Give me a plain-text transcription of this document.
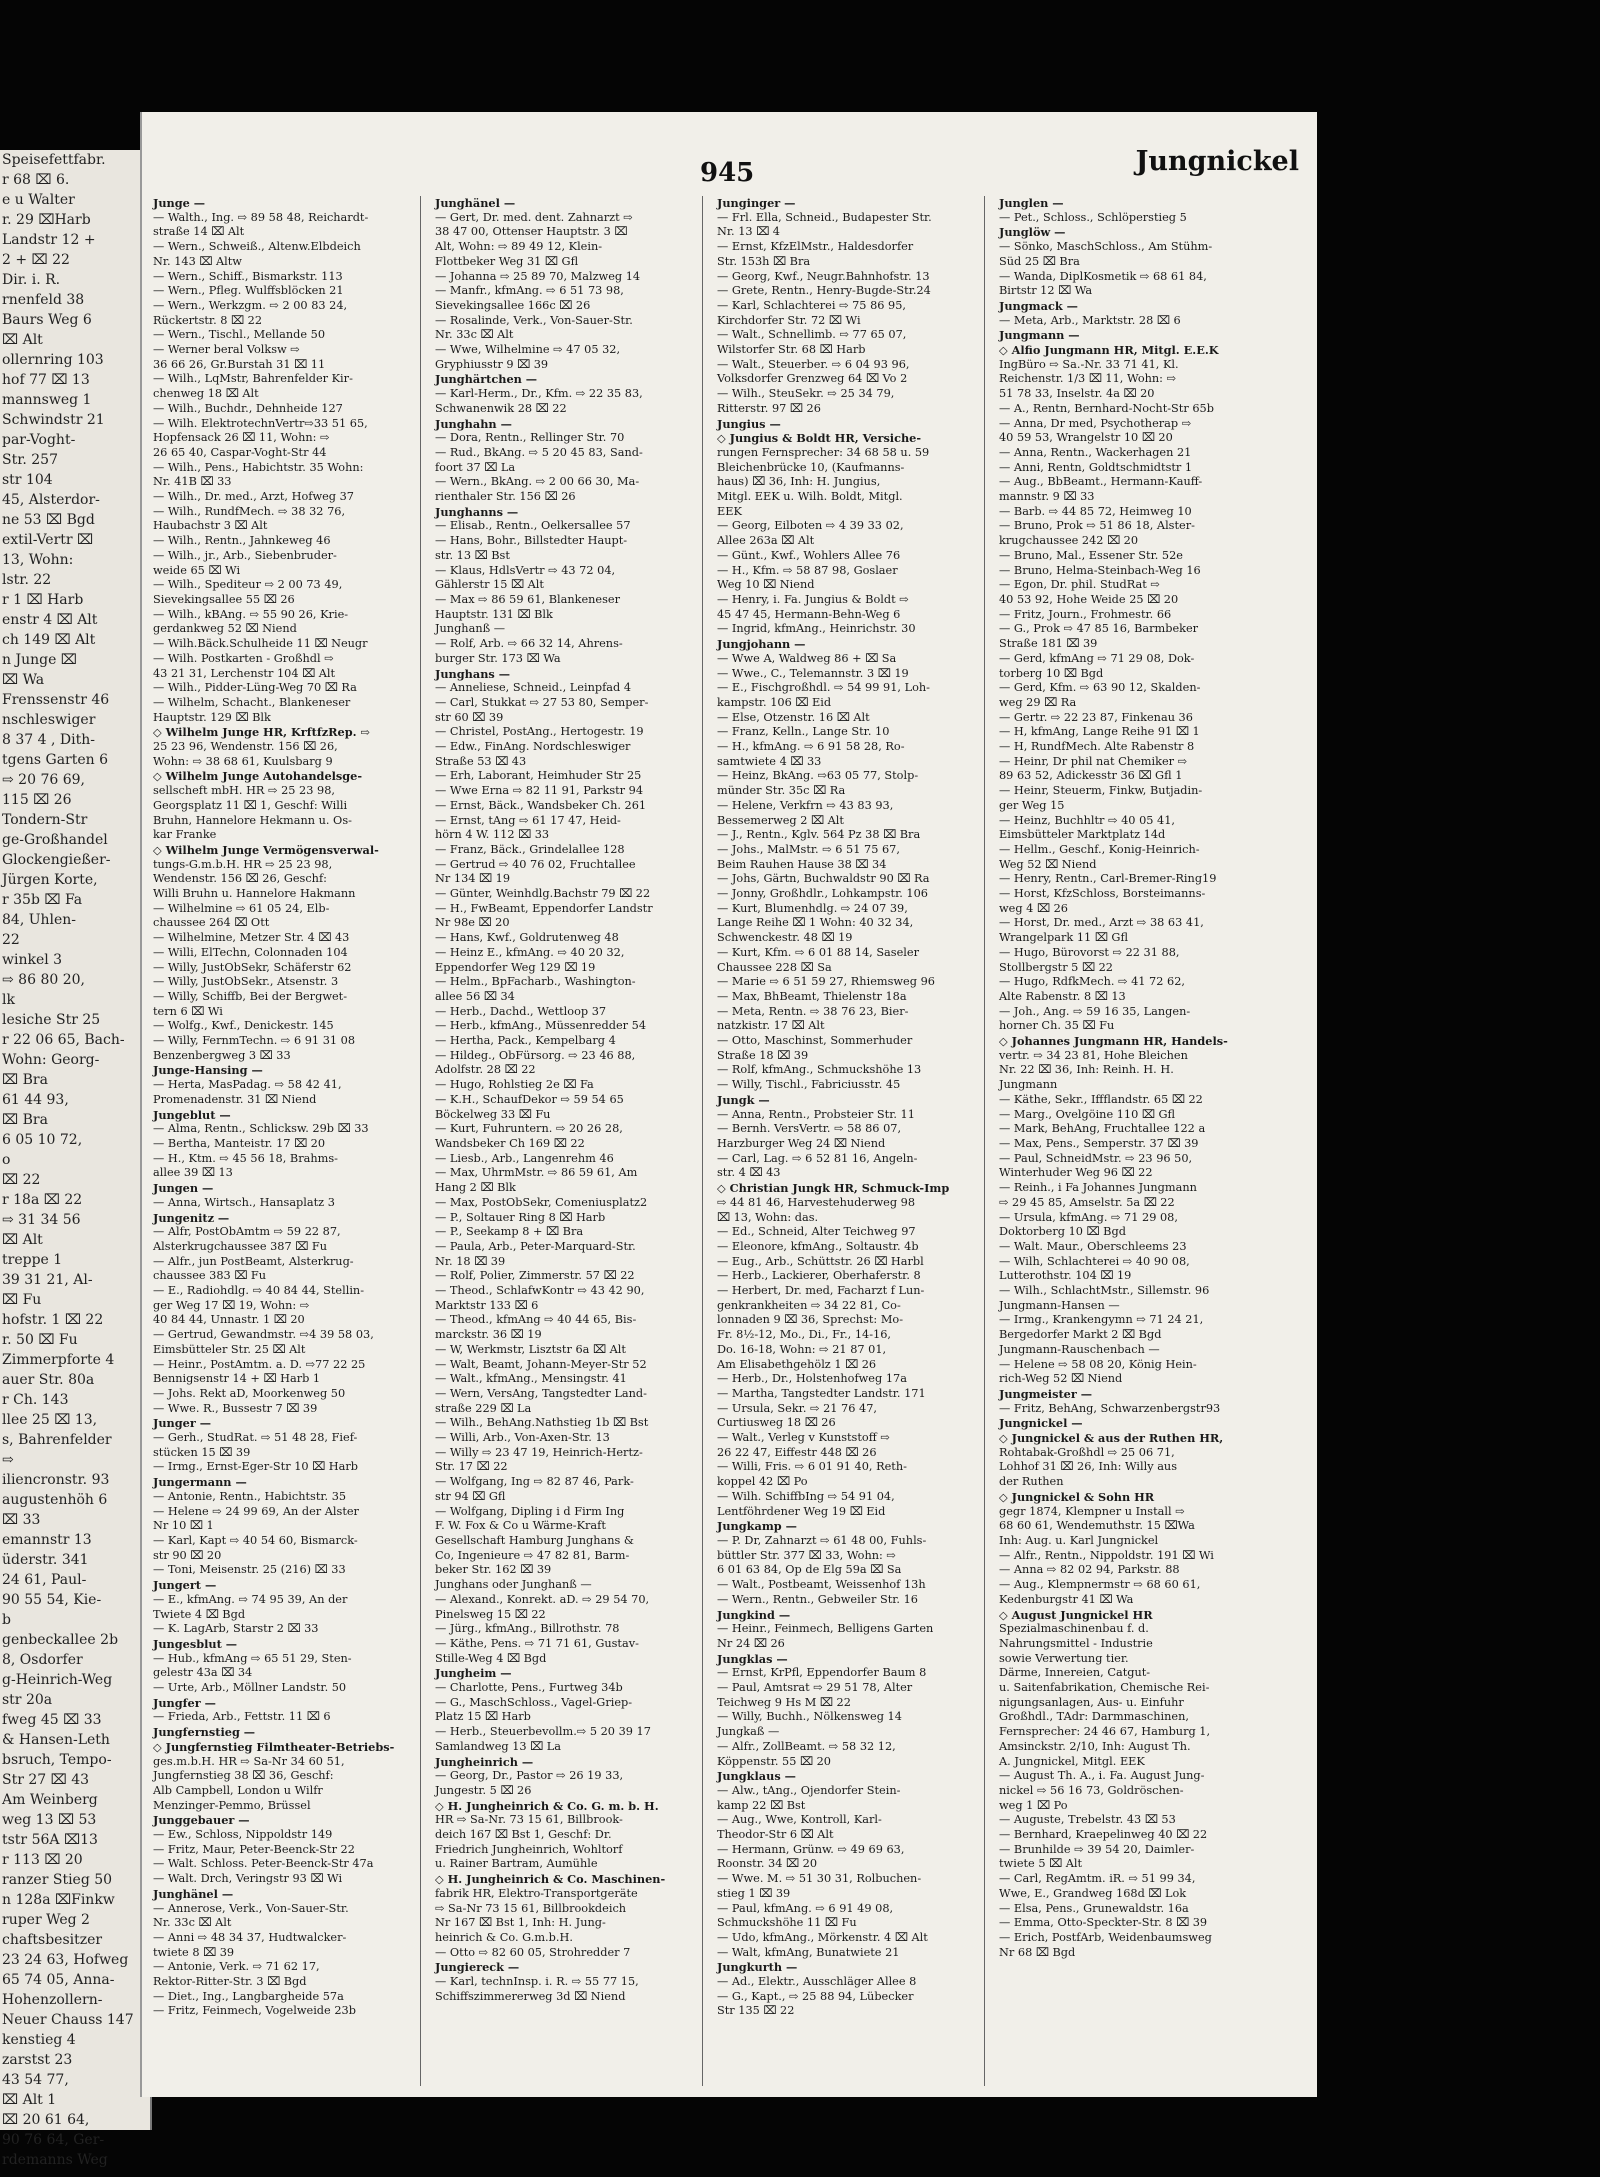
Speisefettfabr.
r 68 ⌧ 6.
e u Walter
r. 29 ⌧Harb
Landstr 12 +
2 + ⌧ 22
Dir. i. R.
rnenfeld 38
Baurs Weg 6
⌧ Alt
ollernring 103
hof 77 ⌧ 13
mannsweg 1
Schwindstr 21
par-Voght-
Str. 257
str 104
45, Alsterdor-
ne 53 ⌧ Bgd
extil-Vertr ⌧
13, Wohn:
lstr. 22
r 1 ⌧ Harb
enstr 4 ⌧ Alt
ch 149 ⌧ Alt
n Junge ⌧
⌧ Wa
Frenssenstr 46
nschleswiger
8 37 4 , Dith-
tgens Garten 6
⇨ 20 76 69,
115 ⌧ 26
Tondern-Str
ge-Großhandel
Glockengießer-
Jürgen Korte,
r 35b ⌧ Fa
84, Uhlen-
22
winkel 3
⇨ 86 80 20,
lk
lesiche Str 25
r 22 06 65, Bach-
Wohn: Georg-
⌧ Bra
61 44 93,
⌧ Bra
6 05 10 72,
o
⌧ 22
r 18a ⌧ 22
⇨ 31 34 56
⌧ Alt
treppe 1
39 31 21, Al-
⌧ Fu
hofstr. 1 ⌧ 22
r. 50 ⌧ Fu
Zimmerpforte 4
auer Str. 80a
r Ch. 143
llee 25 ⌧ 13,
s, Bahrenfelder
⇨
iliencronstr. 93
augustenhöh 6
⌧ 33
emannstr 13
üderstr. 341
24 61, Paul-
90 55 54, Kie-
b
genbeckallee 2b
8, Osdorfer
g-Heinrich-Weg
str 20a
fweg 45 ⌧ 33
& Hansen-Leth
bsruch, Tempo-
Str 27 ⌧ 43
Am Weinberg
weg 13 ⌧ 53
tstr 56A ⌧13
r 113 ⌧ 20
ranzer Stieg 50
n 128a ⌧Finkw
ruper Weg 2
chaftsbesitzer
23 24 63, Hofweg
65 74 05, Anna-
Hohenzollern-
Neuer Chauss 147
kenstieg 4
zarstst 23
43 54 77,
⌧ Alt 1
⌧ 20 61 64,
90 76 64, Ger-
rdemanns Weg
945	Jungnickel
Junge —
— Walth., Ing. ⇨ 89 58 48, Reichardt-
straße 14 ⌧ Alt
— Wern., Schweiß., Altenw.Elbdeich
Nr. 143 ⌧ Altw
— Wern., Schiff., Bismarkstr. 113
— Wern., Pfleg. Wulffsblöcken 21
— Wern., Werkzgm. ⇨ 2 00 83 24,
Rückertstr. 8 ⌧ 22
— Wern., Tischl., Mellande 50
— Werner beral Volksw ⇨
36 66 26, Gr.Burstah 31 ⌧ 11
— Wilh., LqMstr, Bahrenfelder Kir-
chenweg 18 ⌧ Alt
— Wilh., Buchdr., Dehnheide 127
— Wilh. ElektrotechnVertr⇨33 51 65,
Hopfensack 26 ⌧ 11, Wohn: ⇨
26 65 40, Caspar-Voght-Str 44
— Wilh., Pens., Habichtstr. 35 Wohn:
Nr. 41B ⌧ 33
— Wilh., Dr. med., Arzt, Hofweg 37
— Wilh., RundfMech. ⇨ 38 32 76,
Haubachstr 3 ⌧ Alt
— Wilh., Rentn., Jahnkeweg 46
— Wilh., jr., Arb., Siebenbruder-
weide 65 ⌧ Wi
— Wilh., Spediteur ⇨ 2 00 73 49,
Sievekingsallee 55 ⌧ 26
— Wilh., kBAng. ⇨ 55 90 26, Krie-
gerdankweg 52 ⌧ Niend
— Wilh.Bäck.Schulheide 11 ⌧ Neugr
— Wilh. Postkarten - Großhdl ⇨
43 21 31, Lerchenstr 104 ⌧ Alt
— Wilh., Pidder-Lüng-Weg 70 ⌧ Ra
— Wilhelm, Schacht., Blankeneser
Hauptstr. 129 ⌧ Blk
◇ Wilhelm Junge HR, KrftfzRep. ⇨
25 23 96, Wendenstr. 156 ⌧ 26,
Wohn: ⇨ 38 68 61, Kuulsbarg 9
◇ Wilhelm Junge Autohandelsge-
sellscheft mbH. HR ⇨ 25 23 98,
Georgsplatz 11 ⌧ 1, Geschf: Willi
Bruhn, Hannelore Hekmann u. Os-
kar Franke
◇ Wilhelm Junge Vermögensverwal-
tungs-G.m.b.H. HR ⇨ 25 23 98,
Wendenstr. 156 ⌧ 26, Geschf:
Willi Bruhn u. Hannelore Hakmann
— Wilhelmine ⇨ 61 05 24, Elb-
chaussee 264 ⌧ Ott
— Wilhelmine, Metzer Str. 4 ⌧ 43
— Willi, ElTechn, Colonnaden 104
— Willy, JustObSekr, Schäferstr 62
— Willy, JustObSekr., Atsenstr. 3
— Willy, Schiffb, Bei der Bergwet-
tern 6 ⌧ Wi
— Wolfg., Kwf., Denickestr. 145
— Willy, FernmTechn. ⇨ 6 91 31 08
Benzenbergweg 3 ⌧ 33
Junge-Hansing —
— Herta, MasPadag. ⇨ 58 42 41,
Promenadenstr. 31 ⌧ Niend
Jungeblut —
— Alma, Rentn., Schlicksw. 29b ⌧ 33
— Bertha, Manteistr. 17 ⌧ 20
— H., Ktm. ⇨ 45 56 18, Brahms-
allee 39 ⌧ 13
Jungen —
— Anna, Wirtsch., Hansaplatz 3
Jungenitz —
— Alfr, PostObAmtm ⇨ 59 22 87,
Alsterkrugchaussee 387 ⌧ Fu
— Alfr., jun PostBeamt, Alsterkrug-
chaussee 383 ⌧ Fu
— E., Radiohdlg. ⇨ 40 84 44, Stellin-
ger Weg 17 ⌧ 19, Wohn: ⇨
40 84 44, Unnastr. 1 ⌧ 20
— Gertrud, Gewandmstr. ⇨4 39 58 03,
Eimsbütteler Str. 25 ⌧ Alt
— Heinr., PostAmtm. a. D. ⇨77 22 25
Bennigsenstr 14 + ⌧ Harb 1
— Johs. Rekt aD, Moorkenweg 50
— Wwe. R., Bussestr 7 ⌧ 39
Junger —
— Gerh., StudRat. ⇨ 51 48 28, Fief-
stücken 15 ⌧ 39
— Irmg., Ernst-Eger-Str 10 ⌧ Harb
Jungermann —
— Antonie, Rentn., Habichtstr. 35
— Helene ⇨ 24 99 69, An der Alster
Nr 10 ⌧ 1
— Karl, Kapt ⇨ 40 54 60, Bismarck-
str 90 ⌧ 20
— Toni, Meisenstr. 25 (216) ⌧ 33
Jungert —
— E., kfmAng. ⇨ 74 95 39, An der
Twiete 4 ⌧ Bgd
— K. LagArb, Starstr 2 ⌧ 33
Jungesblut —
— Hub., kfmAng ⇨ 65 51 29, Sten-
gelestr 43a ⌧ 34
— Urte, Arb., Möllner Landstr. 50
Jungfer —
— Frieda, Arb., Fettstr. 11 ⌧ 6
Jungfernstieg —
◇ Jungfernstieg Filmtheater-Betriebs-
ges.m.b.H. HR ⇨ Sa-Nr 34 60 51,
Jungfernstieg 38 ⌧ 36, Geschf:
Alb Campbell, London u Wilfr
Menzinger-Pemmo, Brüssel
Junggebauer —
— Ew., Schloss, Nippoldstr 149
— Fritz, Maur, Peter-Beenck-Str 22
— Walt. Schloss. Peter-Beenck-Str 47a
— Walt. Drch, Veringstr 93 ⌧ Wi
Junghänel —
— Annerose, Verk., Von-Sauer-Str.
Nr. 33c ⌧ Alt
— Anni ⇨ 48 34 37, Hudtwalcker-
twiete 8 ⌧ 39
— Antonie, Verk. ⇨ 71 62 17,
Rektor-Ritter-Str. 3 ⌧ Bgd
— Diet., Ing., Langbargheide 57a
— Fritz, Feinmech, Vogelweide 23b
Junghänel —
— Gert, Dr. med. dent. Zahnarzt ⇨
38 47 00, Ottenser Hauptstr. 3 ⌧
Alt, Wohn: ⇨ 89 49 12, Klein-
Flottbeker Weg 31 ⌧ Gfl
— Johanna ⇨ 25 89 70, Malzweg 14
— Manfr., kfmAng. ⇨ 6 51 73 98,
Sievekingsallee 166c ⌧ 26
— Rosalinde, Verk., Von-Sauer-Str.
Nr. 33c ⌧ Alt
— Wwe, Wilhelmine ⇨ 47 05 32,
Gryphiusstr 9 ⌧ 39
Junghärtchen —
— Karl-Herm., Dr., Kfm. ⇨ 22 35 83,
Schwanenwik 28 ⌧ 22
Junghahn —
— Dora, Rentn., Rellinger Str. 70
— Rud., BkAng. ⇨ 5 20 45 83, Sand-
foort 37 ⌧ La
— Wern., BkAng. ⇨ 2 00 66 30, Ma-
rienthaler Str. 156 ⌧ 26
Junghanns —
— Elisab., Rentn., Oelkersallee 57
— Hans, Bohr., Billstedter Haupt-
str. 13 ⌧ Bst
— Klaus, HdlsVertr ⇨ 43 72 04,
Gählerstr 15 ⌧ Alt
— Max ⇨ 86 59 61, Blankeneser
Hauptstr. 131 ⌧ Blk
Junghanß —
— Rolf, Arb. ⇨ 66 32 14, Ahrens-
burger Str. 173 ⌧ Wa
Junghans —
— Anneliese, Schneid., Leinpfad 4
— Carl, Stukkat ⇨ 27 53 80, Semper-
str 60 ⌧ 39
— Christel, PostAng., Hertogestr. 19
— Edw., FinAng. Nordschleswiger
Straße 53 ⌧ 43
— Erh, Laborant, Heimhuder Str 25
— Wwe Erna ⇨ 82 11 91, Parkstr 94
— Ernst, Bäck., Wandsbeker Ch. 261
— Ernst, tAng ⇨ 61 17 47, Heid-
hörn 4 W. 112 ⌧ 33
— Franz, Bäck., Grindelallee 128
— Gertrud ⇨ 40 76 02, Fruchtallee
Nr 134 ⌧ 19
— Günter, Weinhdlg.Bachstr 79 ⌧ 22
— H., FwBeamt, Eppendorfer Landstr
Nr 98e ⌧ 20
— Hans, Kwf., Goldrutenweg 48
— Heinz E., kfmAng. ⇨ 40 20 32,
Eppendorfer Weg 129 ⌧ 19
— Helm., BpFacharb., Washington-
allee 56 ⌧ 34
— Herb., Dachd., Wettloop 37
— Herb., kfmAng., Müssenredder 54
— Hertha, Pack., Kempelbarg 4
— Hildeg., ObFürsorg. ⇨ 23 46 88,
Adolfstr. 28 ⌧ 22
— Hugo, Rohlstieg 2e ⌧ Fa
— K.H., SchaufDekor ⇨ 59 54 65
Böckelweg 33 ⌧ Fu
— Kurt, Fuhruntern. ⇨ 20 26 28,
Wandsbeker Ch 169 ⌧ 22
— Liesb., Arb., Langenrehm 46
— Max, UhrmMstr. ⇨ 86 59 61, Am
Hang 2 ⌧ Blk
— Max, PostObSekr, Comeniusplatz2
— P., Soltauer Ring 8 ⌧ Harb
— P., Seekamp 8 + ⌧ Bra
— Paula, Arb., Peter-Marquard-Str.
Nr. 18 ⌧ 39
— Rolf, Polier, Zimmerstr. 57 ⌧ 22
— Theod., SchlafwKontr ⇨ 43 42 90,
Marktstr 133 ⌧ 6
— Theod., kfmAng ⇨ 40 44 65, Bis-
marckstr. 36 ⌧ 19
— W, Werkmstr, Lisztstr 6a ⌧ Alt
— Walt, Beamt, Johann-Meyer-Str 52
— Walt., kfmAng., Mensingstr. 41
— Wern, VersAng, Tangstedter Land-
straße 229 ⌧ La
— Wilh., BehAng.Nathstieg 1b ⌧ Bst
— Willi, Arb., Von-Axen-Str. 13
— Willy ⇨ 23 47 19, Heinrich-Hertz-
Str. 17 ⌧ 22
— Wolfgang, Ing ⇨ 82 87 46, Park-
str 94 ⌧ Gfl
— Wolfgang, Dipling i d Firm Ing
F. W. Fox & Co u Wärme-Kraft
Gesellschaft Hamburg Junghans &
Co, Ingenieure ⇨ 47 82 81, Barm-
beker Str. 162 ⌧ 39
Junghans oder Junghanß —
— Alexand., Konrekt. aD. ⇨ 29 54 70,
Pinelsweg 15 ⌧ 22
— Jürg., kfmAng., Billrothstr. 78
— Käthe, Pens. ⇨ 71 71 61, Gustav-
Stille-Weg 4 ⌧ Bgd
Jungheim —
— Charlotte, Pens., Furtweg 34b
— G., MaschSchloss., Vagel-Griep-
Platz 15 ⌧ Harb
— Herb., Steuerbevollm.⇨ 5 20 39 17
Samlandweg 13 ⌧ La
Jungheinrich —
— Georg, Dr., Pastor ⇨ 26 19 33,
Jungestr. 5 ⌧ 26
◇ H. Jungheinrich & Co. G. m. b. H.
HR ⇨ Sa-Nr. 73 15 61, Billbrook-
deich 167 ⌧ Bst 1, Geschf: Dr.
Friedrich Jungheinrich, Wohltorf
u. Rainer Bartram, Aumühle
◇ H. Jungheinrich & Co. Maschinen-
fabrik HR, Elektro-Transportgeräte
⇨ Sa-Nr 73 15 61, Billbrookdeich
Nr 167 ⌧ Bst 1, Inh: H. Jung-
heinrich & Co. G.m.b.H.
— Otto ⇨ 82 60 05, Strohredder 7
Jungiereck —
— Karl, technInsp. i. R. ⇨ 55 77 15,
Schiffszimmererweg 3d ⌧ Niend
Junginger —
— Frl. Ella, Schneid., Budapester Str.
Nr. 13 ⌧ 4
— Ernst, KfzElMstr., Haldesdorfer
Str. 153h ⌧ Bra
— Georg, Kwf., Neugr.Bahnhofstr. 13
— Grete, Rentn., Henry-Bugde-Str.24
— Karl, Schlachterei ⇨ 75 86 95,
Kirchdorfer Str. 72 ⌧ Wi
— Walt., Schnellimb. ⇨ 77 65 07,
Wilstorfer Str. 68 ⌧ Harb
— Walt., Steuerber. ⇨ 6 04 93 96,
Volksdorfer Grenzweg 64 ⌧ Vo 2
— Wilh., SteuSekr. ⇨ 25 34 79,
Ritterstr. 97 ⌧ 26
Jungius —
◇ Jungius & Boldt HR, Versiche-
rungen Fernsprecher: 34 68 58 u. 59
Bleichenbrücke 10, (Kaufmanns-
haus) ⌧ 36, Inh: H. Jungius,
Mitgl. EEK u. Wilh. Boldt, Mitgl.
EEK
— Georg, Eilboten ⇨ 4 39 33 02,
Allee 263a ⌧ Alt
— Günt., Kwf., Wohlers Allee 76
— H., Kfm. ⇨ 58 87 98, Goslaer
Weg 10 ⌧ Niend
— Henry, i. Fa. Jungius & Boldt ⇨
45 47 45, Hermann-Behn-Weg 6
— Ingrid, kfmAng., Heinrichstr. 30
Jungjohann —
— Wwe A, Waldweg 86 + ⌧ Sa
— Wwe., C., Telemannstr. 3 ⌧ 19
— E., Fischgroßhdl. ⇨ 54 99 91, Loh-
kampstr. 106 ⌧ Eid
— Else, Otzenstr. 16 ⌧ Alt
— Franz, Kelln., Lange Str. 10
— H., kfmAng. ⇨ 6 91 58 28, Ro-
samtwiete 4 ⌧ 33
— Heinz, BkAng. ⇨63 05 77, Stolp-
münder Str. 35c ⌧ Ra
— Helene, Verkfrn ⇨ 43 83 93,
Bessemerweg 2 ⌧ Alt
— J., Rentn., Kglv. 564 Pz 38 ⌧ Bra
— Johs., MalMstr. ⇨ 6 51 75 67,
Beim Rauhen Hause 38 ⌧ 34
— Johs, Gärtn, Buchwaldstr 90 ⌧ Ra
— Jonny, Großhdlr., Lohkampstr. 106
— Kurt, Blumenhdlg. ⇨ 24 07 39,
Lange Reihe ⌧ 1 Wohn: 40 32 34,
Schwenckestr. 48 ⌧ 19
— Kurt, Kfm. ⇨ 6 01 88 14, Saseler
Chaussee 228 ⌧ Sa
— Marie ⇨ 6 51 59 27, Rhiemsweg 96
— Max, BhBeamt, Thielenstr 18a
— Meta, Rentn. ⇨ 38 76 23, Bier-
natzkistr. 17 ⌧ Alt
— Otto, Maschinst, Sommerhuder
Straße 18 ⌧ 39
— Rolf, kfmAng., Schmuckshöhe 13
— Willy, Tischl., Fabriciusstr. 45
Jungk —
— Anna, Rentn., Probsteier Str. 11
— Bernh. VersVertr. ⇨ 58 86 07,
Harzburger Weg 24 ⌧ Niend
— Carl, Lag. ⇨ 6 52 81 16, Angeln-
str. 4 ⌧ 43
◇ Christian Jungk HR, Schmuck-Imp
⇨ 44 81 46, Harvestehuderweg 98
⌧ 13, Wohn: das.
— Ed., Schneid, Alter Teichweg 97
— Eleonore, kfmAng., Soltaustr. 4b
— Eug., Arb., Schüttstr. 26 ⌧ Harbl
— Herb., Lackierer, Oberhaferstr. 8
— Herbert, Dr. med, Facharzt f Lun-
genkrankheiten ⇨ 34 22 81, Co-
lonnaden 9 ⌧ 36, Sprechst: Mo-
Fr. 8½-12, Mo., Di., Fr., 14-16,
Do. 16-18, Wohn: ⇨ 21 87 01,
Am Elisabethgehölz 1 ⌧ 26
— Herb., Dr., Holstenhofweg 17a
— Martha, Tangstedter Landstr. 171
— Ursula, Sekr. ⇨ 21 76 47,
Curtiusweg 18 ⌧ 26
— Walt., Verleg v Kunststoff ⇨
26 22 47, Eiffestr 448 ⌧ 26
— Willi, Fris. ⇨ 6 01 91 40, Reth-
koppel 42 ⌧ Po
— Wilh. SchiffbIng ⇨ 54 91 04,
Lentföhrdener Weg 19 ⌧ Eid
Jungkamp —
— P. Dr, Zahnarzt ⇨ 61 48 00, Fuhls-
büttler Str. 377 ⌧ 33, Wohn: ⇨
6 01 63 84, Op de Elg 59a ⌧ Sa
— Walt., Postbeamt, Weissenhof 13h
— Wern., Rentn., Gebweiler Str. 16
Jungkind —
— Heinr., Feinmech, Belligens Garten
Nr 24 ⌧ 26
Jungklas —
— Ernst, KrPfl, Eppendorfer Baum 8
— Paul, Amtsrat ⇨ 29 51 78, Alter
Teichweg 9 Hs M ⌧ 22
— Willy, Buchh., Nölkensweg 14
Jungkaß —
— Alfr., ZollBeamt. ⇨ 58 32 12,
Köppenstr. 55 ⌧ 20
Jungklaus —
— Alw., tAng., Ojendorfer Stein-
kamp 22 ⌧ Bst
— Aug., Wwe, Kontroll, Karl-
Theodor-Str 6 ⌧ Alt
— Hermann, Grünw. ⇨ 49 69 63,
Roonstr. 34 ⌧ 20
— Wwe. M. ⇨ 51 30 31, Rolbuchen-
stieg 1 ⌧ 39
— Paul, kfmAng. ⇨ 6 91 49 08,
Schmuckshöhe 11 ⌧ Fu
— Udo, kfmAng., Mörkenstr. 4 ⌧ Alt
— Walt, kfmAng, Bunatwiete 21
Jungkurth —
— Ad., Elektr., Ausschläger Allee 8
— G., Kapt., ⇨ 25 88 94, Lübecker
Str 135 ⌧ 22
Junglen —
— Pet., Schloss., Schlöperstieg 5
Junglöw —
— Sönko, MaschSchloss., Am Stühm-
Süd 25 ⌧ Bra
— Wanda, DiplKosmetik ⇨ 68 61 84,
Birtstr 12 ⌧ Wa
Jungmack —
— Meta, Arb., Marktstr. 28 ⌧ 6
Jungmann —
◇ Alfio Jungmann HR, Mitgl. E.E.K
IngBüro ⇨ Sa.-Nr. 33 71 41, Kl.
Reichenstr. 1/3 ⌧ 11, Wohn: ⇨
51 78 33, Inselstr. 4a ⌧ 20
— A., Rentn, Bernhard-Nocht-Str 65b
— Anna, Dr med, Psychotherap ⇨
40 59 53, Wrangelstr 10 ⌧ 20
— Anna, Rentn., Wackerhagen 21
— Anni, Rentn, Goldtschmidtstr 1
— Aug., BbBeamt., Hermann-Kauff-
mannstr. 9 ⌧ 33
— Barb. ⇨ 44 85 72, Heimweg 10
— Bruno, Prok ⇨ 51 86 18, Alster-
krugchaussee 242 ⌧ 20
— Bruno, Mal., Essener Str. 52e
— Bruno, Helma-Steinbach-Weg 16
— Egon, Dr. phil. StudRat ⇨
40 53 92, Hohe Weide 25 ⌧ 20
— Fritz, Journ., Frohmestr. 66
— G., Prok ⇨ 47 85 16, Barmbeker
Straße 181 ⌧ 39
— Gerd, kfmAng ⇨ 71 29 08, Dok-
torberg 10 ⌧ Bgd
— Gerd, Kfm. ⇨ 63 90 12, Skalden-
weg 29 ⌧ Ra
— Gertr. ⇨ 22 23 87, Finkenau 36
— H, kfmAng, Lange Reihe 91 ⌧ 1
— H, RundfMech. Alte Rabenstr 8
— Heinr, Dr phil nat Chemiker ⇨
89 63 52, Adickesstr 36 ⌧ Gfl 1
— Heinr, Steuerm, Finkw, Butjadin-
ger Weg 15
— Heinz, Buchhltr ⇨ 40 05 41,
Eimsbütteler Marktplatz 14d
— Hellm., Geschf., Konig-Heinrich-
Weg 52 ⌧ Niend
— Henry, Rentn., Carl-Bremer-Ring19
— Horst, KfzSchloss, Borsteimanns-
weg 4 ⌧ 26
— Horst, Dr. med., Arzt ⇨ 38 63 41,
Wrangelpark 11 ⌧ Gfl
— Hugo, Bürovorst ⇨ 22 31 88,
Stollbergstr 5 ⌧ 22
— Hugo, RdfkMech. ⇨ 41 72 62,
Alte Rabenstr. 8 ⌧ 13
— Joh., Ang. ⇨ 59 16 35, Langen-
horner Ch. 35 ⌧ Fu
◇ Johannes Jungmann HR, Handels-
vertr. ⇨ 34 23 81, Hohe Bleichen
Nr. 22 ⌧ 36, Inh: Reinh. H. H.
Jungmann
— Käthe, Sekr., Iffflandstr. 65 ⌧ 22
— Marg., Ovelgöine 110 ⌧ Gfl
— Mark, BehAng, Fruchtallee 122 a
— Max, Pens., Semperstr. 37 ⌧ 39
— Paul, SchneidMstr. ⇨ 23 96 50,
Winterhuder Weg 96 ⌧ 22
— Reinh., i Fa Johannes Jungmann
⇨ 29 45 85, Amselstr. 5a ⌧ 22
— Ursula, kfmAng. ⇨ 71 29 08,
Doktorberg 10 ⌧ Bgd
— Walt. Maur., Oberschleems 23
— Wilh, Schlachterei ⇨ 40 90 08,
Lutterothstr. 104 ⌧ 19
— Wilh., SchlachtMstr., Sillemstr. 96
Jungmann-Hansen —
— Irmg., Krankengymn ⇨ 71 24 21,
Bergedorfer Markt 2 ⌧ Bgd
Jungmann-Rauschenbach —
— Helene ⇨ 58 08 20, König Hein-
rich-Weg 52 ⌧ Niend
Jungmeister —
— Fritz, BehAng, Schwarzenbergstr93
Jungnickel —
◇ Jungnickel & aus der Ruthen HR,
Rohtabak-Großhdl ⇨ 25 06 71,
Lohhof 31 ⌧ 26, Inh: Willy aus
der Ruthen
◇ Jungnickel & Sohn HR
gegr 1874, Klempner u Install ⇨
68 60 61, Wendemuthstr. 15 ⌧Wa
Inh: Aug. u. Karl Jungnickel
— Alfr., Rentn., Nippoldstr. 191 ⌧ Wi
— Anna ⇨ 82 02 94, Parkstr. 88
— Aug., Klempnermstr ⇨ 68 60 61,
Kedenburgstr 41 ⌧ Wa
◇ August Jungnickel HR
Spezialmaschinenbau f. d.
Nahrungsmittel - Industrie
sowie Verwertung tier.
Därme, Innereien, Catgut-
u. Saitenfabrikation, Chemische Rei-
nigungsanlagen, Aus- u. Einfuhr
Großhdl., TAdr: Darmmaschinen,
Fernsprecher: 24 46 67, Hamburg 1,
Amsinckstr. 2/10, Inh: August Th.
A. Jungnickel, Mitgl. EEK
— August Th. A., i. Fa. August Jung-
nickel ⇨ 56 16 73, Goldröschen-
weg 1 ⌧ Po
— Auguste, Trebelstr. 43 ⌧ 53
— Bernhard, Kraepelinweg 40 ⌧ 22
— Brunhilde ⇨ 39 54 20, Daimler-
twiete 5 ⌧ Alt
— Carl, RegAmtm. iR. ⇨ 51 99 34,
Wwe, E., Grandweg 168d ⌧ Lok
— Elsa, Pens., Grunewaldstr. 16a
— Emma, Otto-Speckter-Str. 8 ⌧ 39
— Erich, PostfArb, Weidenbaumsweg
Nr 68 ⌧ Bgd
